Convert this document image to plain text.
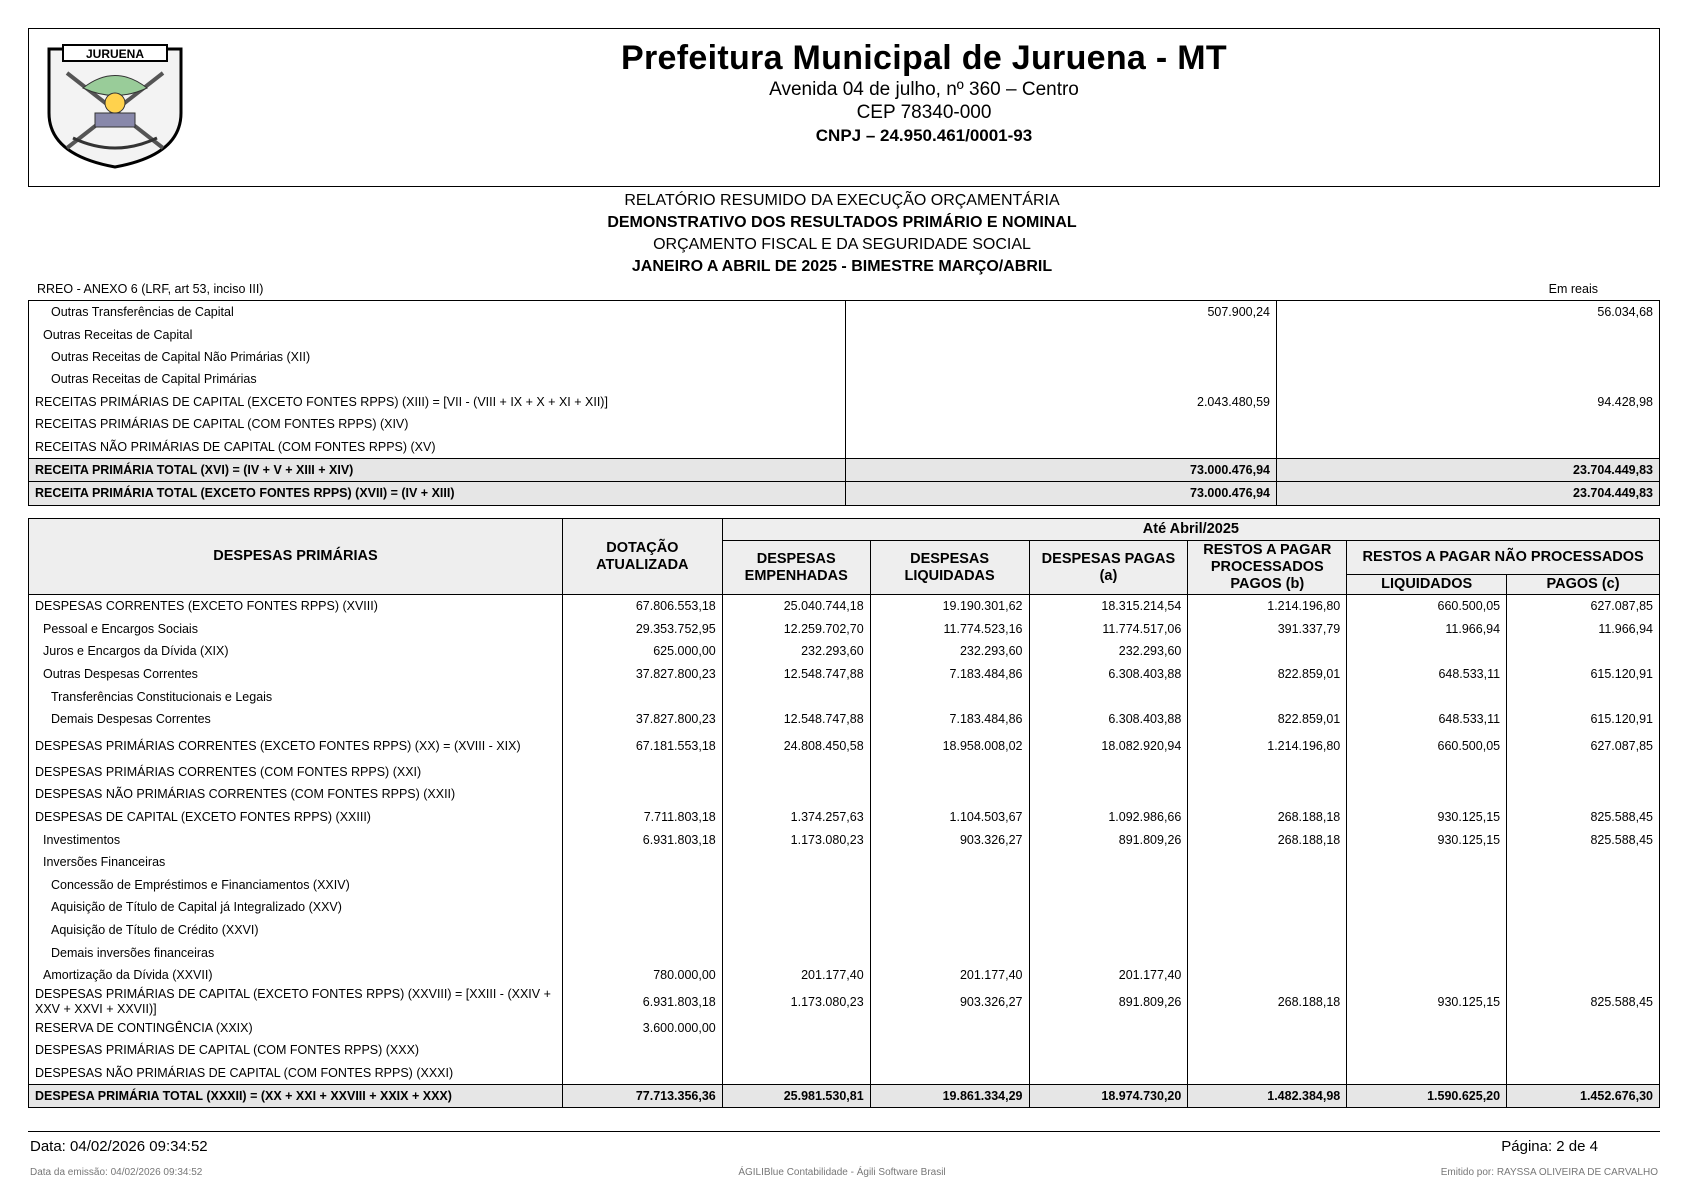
JURUENA	Prefeitura Municipal de Juruena - MT
Avenida 04 de julho, nº 360 – Centro
CEP 78340-000
CNPJ – 24.950.461/0001-93
RELATÓRIO RESUMIDO DA EXECUÇÃO ORÇAMENTÁRIA
DEMONSTRATIVO DOS RESULTADOS PRIMÁRIO E NOMINAL
ORÇAMENTO FISCAL E DA SEGURIDADE SOCIAL
JANEIRO A ABRIL DE 2025 - BIMESTRE MARÇO/ABRIL
RREO - ANEXO 6 (LRF, art 53, inciso III)	Em reais
Outras Transferências de Capital	507.900,24	56.034,68
Outras Receitas de Capital		
Outras Receitas de Capital Não Primárias (XII)		
Outras Receitas de Capital Primárias		
RECEITAS PRIMÁRIAS DE CAPITAL (EXCETO FONTES RPPS) (XIII) = [VII - (VIII + IX + X + XI + XII)]	2.043.480,59	94.428,98
RECEITAS PRIMÁRIAS DE CAPITAL (COM FONTES RPPS) (XIV)		
RECEITAS NÃO PRIMÁRIAS DE CAPITAL (COM FONTES RPPS) (XV)		
RECEITA PRIMÁRIA TOTAL (XVI) = (IV + V + XIII + XIV)	73.000.476,94	23.704.449,83
RECEITA PRIMÁRIA TOTAL (EXCETO FONTES RPPS) (XVII) = (IV + XIII)	73.000.476,94	23.704.449,83
DESPESAS PRIMÁRIAS	DOTAÇÃO ATUALIZADA	Até Abril/2025					
		DESPESAS EMPENHADAS	DESPESAS LIQUIDADAS	DESPESAS PAGAS (a)	RESTOS A PAGAR PROCESSADOS PAGOS (b)	RESTOS A PAGAR NÃO PROCESSADOS	
						LIQUIDADOS	PAGOS (c)
DESPESAS CORRENTES (EXCETO FONTES RPPS) (XVIII)	67.806.553,18	25.040.744,18	19.190.301,62	18.315.214,54	1.214.196,80	660.500,05	627.087,85
Pessoal e Encargos Sociais	29.353.752,95	12.259.702,70	11.774.523,16	11.774.517,06	391.337,79	11.966,94	11.966,94
Juros e Encargos da Dívida (XIX)	625.000,00	232.293,60	232.293,60	232.293,60			
Outras Despesas Correntes	37.827.800,23	12.548.747,88	7.183.484,86	6.308.403,88	822.859,01	648.533,11	615.120,91
Transferências Constitucionais e Legais							
Demais Despesas Correntes	37.827.800,23	12.548.747,88	7.183.484,86	6.308.403,88	822.859,01	648.533,11	615.120,91
DESPESAS PRIMÁRIAS CORRENTES (EXCETO FONTES RPPS) (XX) = (XVIII - XIX)	67.181.553,18	24.808.450,58	18.958.008,02	18.082.920,94	1.214.196,80	660.500,05	627.087,85
DESPESAS PRIMÁRIAS CORRENTES (COM FONTES RPPS) (XXI)							
DESPESAS NÃO PRIMÁRIAS CORRENTES (COM FONTES RPPS) (XXII)							
DESPESAS DE CAPITAL (EXCETO FONTES RPPS) (XXIII)	7.711.803,18	1.374.257,63	1.104.503,67	1.092.986,66	268.188,18	930.125,15	825.588,45
Investimentos	6.931.803,18	1.173.080,23	903.326,27	891.809,26	268.188,18	930.125,15	825.588,45
Inversões Financeiras							
Concessão de Empréstimos e Financiamentos (XXIV)							
Aquisição de Título de Capital já Integralizado (XXV)							
Aquisição de Título de Crédito (XXVI)							
Demais inversões financeiras							
Amortização da Dívida (XXVII)	780.000,00	201.177,40	201.177,40	201.177,40			
DESPESAS PRIMÁRIAS DE CAPITAL (EXCETO FONTES RPPS) (XXVIII) = [XXIII - (XXIV + XXV + XXVI + XXVII)]	6.931.803,18	1.173.080,23	903.326,27	891.809,26	268.188,18	930.125,15	825.588,45
RESERVA DE CONTINGÊNCIA (XXIX)	3.600.000,00						
DESPESAS PRIMÁRIAS DE CAPITAL (COM FONTES RPPS) (XXX)							
DESPESAS NÃO PRIMÁRIAS DE CAPITAL (COM FONTES RPPS) (XXXI)							
DESPESA PRIMÁRIA TOTAL (XXXII) = (XX + XXI + XXVIII + XXIX + XXX)	77.713.356,36	25.981.530,81	19.861.334,29	18.974.730,20	1.482.384,98	1.590.625,20	1.452.676,30
Data: 04/02/2026 09:34:52	Página: 2 de 4
Data da emissão: 04/02/2026 09:34:52	ÁGILIBlue Contabilidade - Ágili Software Brasil	Emitido por: RAYSSA OLIVEIRA DE CARVALHO
